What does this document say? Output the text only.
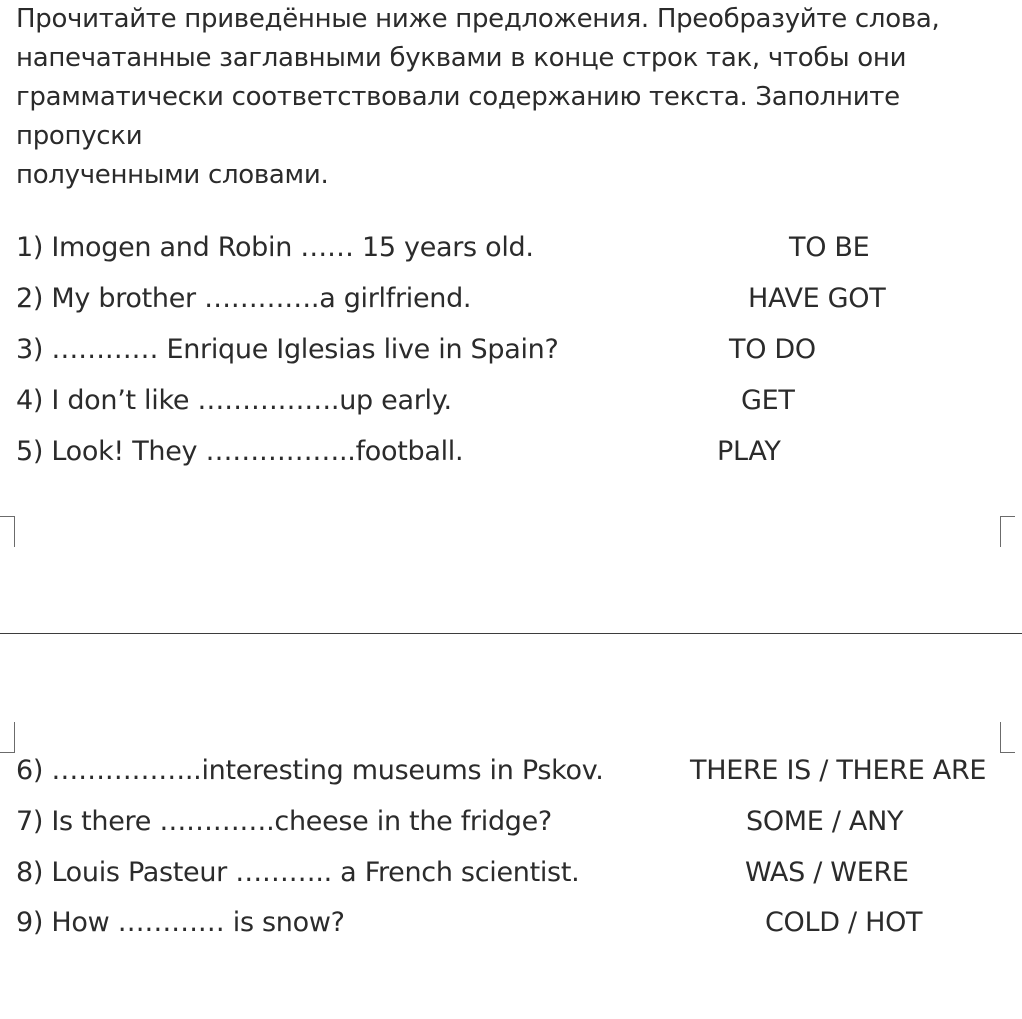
Прочитайте приведённые ниже предложения. Преобразуйте слова,
напечатанные заглавными буквами в конце строк так, чтобы они
грамматически соответствовали содержанию текста. Заполните
пропуски
полученными словами.
1) Imogen and Robin …… 15 years old.	TO BE
2) My brother ………….a girlfriend.	HAVE GOT
3) ………… Enrique Iglesias live in Spain?	TO DO
4) I don’t like …………….up early.	GET
5) Look! They ……………..football.	PLAY
6) ……………..interesting museums in Pskov.	THERE IS / THERE ARE
7) Is there ………….cheese in the fridge?	SOME / ANY
8) Louis Pasteur ……….. a French scientist.	WAS / WERE
9) How ………… is snow?	COLD / HOT
